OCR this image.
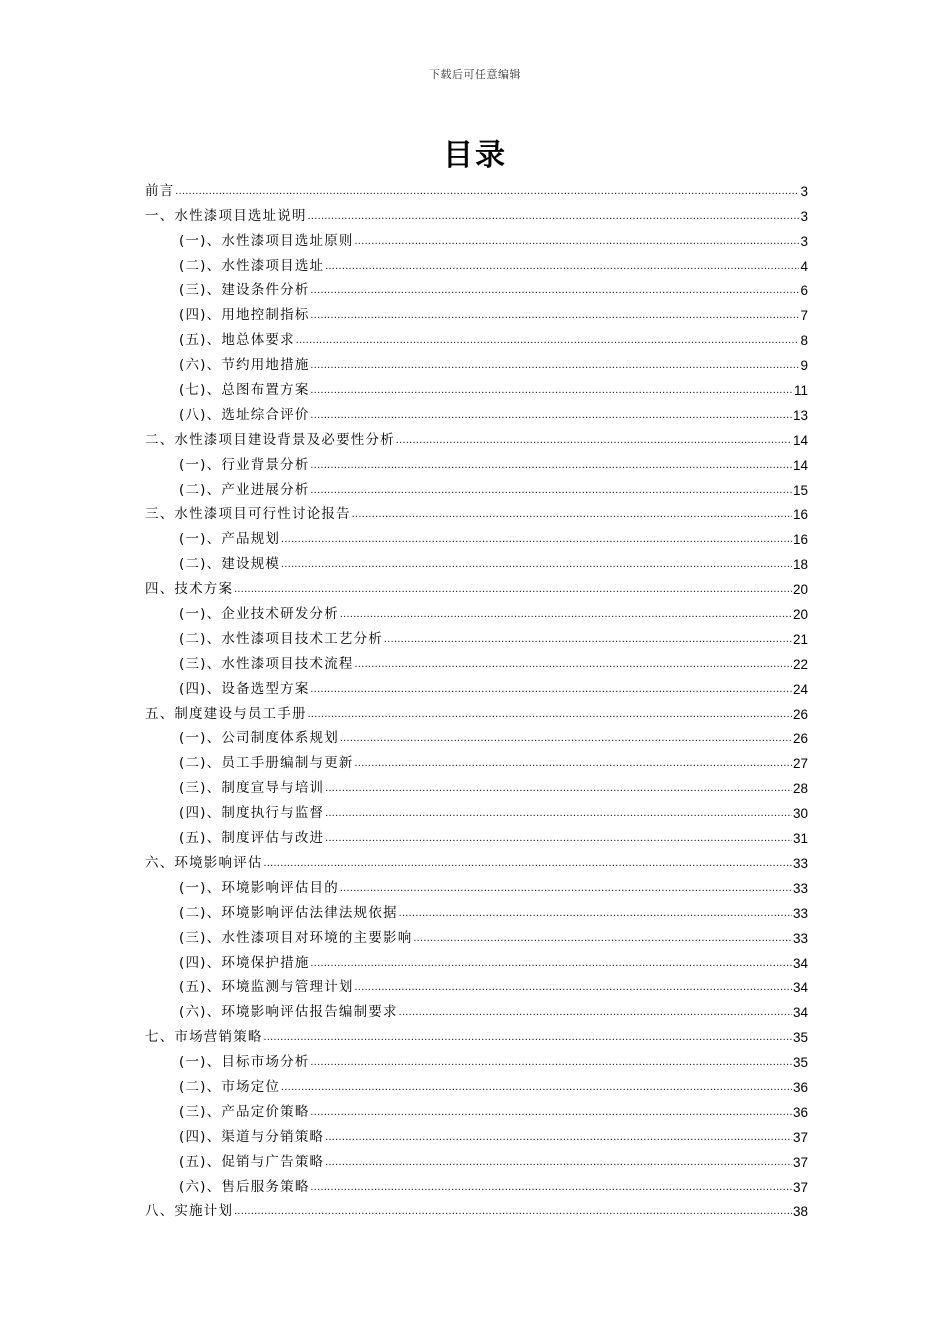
下载后可任意编辑
目录
前言 .....	3
一、水性漆项目选址说明 .....	3
(一)、水性漆项目选址原则 .....	3
(二)、水性漆项目选址 .....	4
(三)、建设条件分析 .....	6
(四)、用地控制指标 .....	7
(五)、地总体要求 .....	8
(六)、节约用地措施 .....	9
(七)、总图布置方案 .....	11
(八)、选址综合评价 .....	13
二、水性漆项目建设背景及必要性分析 .....	14
(一)、行业背景分析 .....	14
(二)、产业进展分析 .....	15
三、水性漆项目可行性讨论报告 .....	16
(一)、产品规划 .....	16
(二)、建设规模 .....	18
四、技术方案 .....	20
(一)、企业技术研发分析 .....	20
(二)、水性漆项目技术工艺分析 .....	21
(三)、水性漆项目技术流程 .....	22
(四)、设备选型方案 .....	24
五、制度建设与员工手册 .....	26
(一)、公司制度体系规划 .....	26
(二)、员工手册编制与更新 .....	27
(三)、制度宣导与培训 .....	28
(四)、制度执行与监督 .....	30
(五)、制度评估与改进 .....	31
六、环境影响评估 .....	33
(一)、环境影响评估目的 .....	33
(二)、环境影响评估法律法规依据 .....	33
(三)、水性漆项目对环境的主要影响 .....	33
(四)、环境保护措施 .....	34
(五)、环境监测与管理计划 .....	34
(六)、环境影响评估报告编制要求 .....	34
七、市场营销策略 .....	35
(一)、目标市场分析 .....	35
(二)、市场定位 .....	36
(三)、产品定价策略 .....	36
(四)、渠道与分销策略 .....	37
(五)、促销与广告策略 .....	37
(六)、售后服务策略 .....	37
八、实施计划 .....	38
